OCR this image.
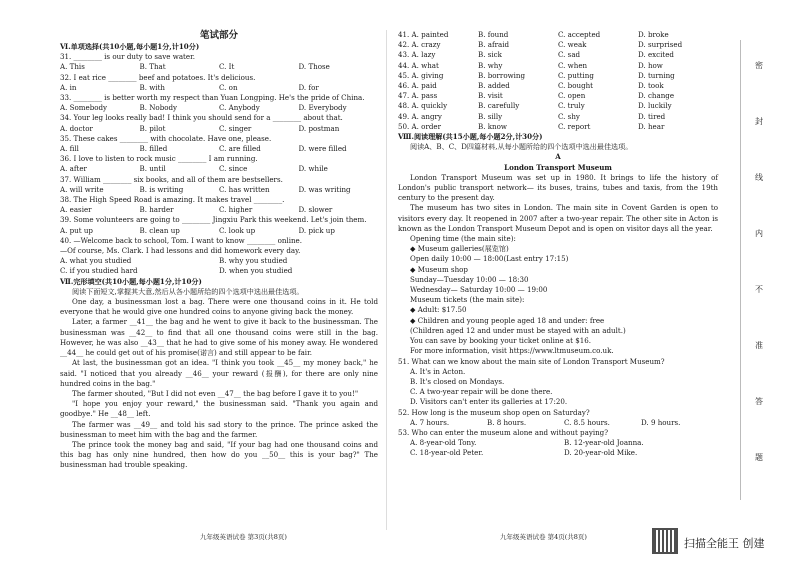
笔试部分
Ⅵ.单项选择(共10小题,每小题1分,计10分)
31. ________ is our duty to save water.
A. This	B. That	C. It	D. Those
32. I eat rice ________ beef and potatoes. It's delicious.
A. in	B. with	C. on	D. for
33. ________ is better worth my respect than Yuan Longping. He's the pride of China.
A. Somebody	B. Nobody	C. Anybody	D. Everybody
34. Your leg looks really bad! I think you should send for a ________ about that.
A. doctor	B. pilot	C. singer	D. postman
35. These cakes ________ with chocolate. Have one, please.
A. fill	B. filled	C. are filled	D. were filled
36. I love to listen to rock music ________ I am running.
A. after	B. until	C. since	D. while
37. William ________ six books, and all of them are bestsellers.
A. will write	B. is writing	C. has written	D. was writing
38. The High Speed Road is amazing. It makes travel ________.
A. easier	B. harder	C. higher	D. slower
39. Some volunteers are going to ________ Jingxiu Park this weekend. Let's join them.
A. put up	B. clean up	C. look up	D. pick up
40. —Welcome back to school, Tom. I want to know ________ online.
—Of course, Ms. Clark. I had lessons and did homework every day.
A. what you studied	B. why you studied
C. if you studied hard	D. when you studied
Ⅶ.完形填空(共10小题,每小题1分,计10分)
阅读下面短文,掌握其大意,然后从各小题所给的四个选项中选出最佳选项。
One day, a businessman lost a bag. There were one thousand coins in it. He told everyone that he would give one hundred coins to anyone giving back the money.
Later, a farmer __41__ the bag and he went to give it back to the businessman. The businessman was __42__ to find that all one thousand coins were still in the bag. However, he was also __43__ that he had to give some of his money away. He wondered __44__ he could get out of his promise(诺言) and still appear to be fair.
At last, the businessman got an idea. "I think you took __45__ my money back," he said. "I noticed that you already __46__ your reward (报酬), for there are only nine hundred coins in the bag."
The farmer shouted, "But I did not even __47__ the bag before I gave it to you!"
"I hope you enjoy your reward," the businessman said. "Thank you again and goodbye." He __48__ left.
The farmer was __49__ and told his sad story to the prince. The prince asked the businessman to meet him with the bag and the farmer.
The prince took the money bag and said, "If your bag had one thousand coins and this bag has only nine hundred, then how do you __50__ this is your bag?" The businessman had trouble speaking.
41. A. painted	B. found	C. accepted	D. broke
42. A. crazy	B. afraid	C. weak	D. surprised
43. A. lazy	B. sick	C. sad	D. excited
44. A. what	B. why	C. when	D. how
45. A. giving	B. borrowing	C. putting	D. turning
46. A. paid	B. added	C. bought	D. took
47. A. pass	B. visit	C. open	D. change
48. A. quickly	B. carefully	C. truly	D. luckily
49. A. angry	B. silly	C. shy	D. tired
50. A. order	B. know	C. report	D. hear
Ⅷ.阅读理解(共15小题,每小题2分,计30分)
阅读A、B、C、D四篇材料,从每小题所给的四个选项中选出最佳选项。
A
London Transport Museum
London Transport Museum was set up in 1980. It brings to life the history of London's public transport network— its buses, trains, tubes and taxis, from the 19th century to the present day.
The museum has two sites in London. The main site in Covent Garden is open to visitors every day. It reopened in 2007 after a two-year repair. The other site in Acton is known as the London Transport Museum Depot and is open on visitor days all the year.
Opening time (the main site):
◆ Museum galleries(展览馆)
Open daily 10:00 — 18:00(Last entry 17:15)
◆ Museum shop
Sunday—Tuesday 10:00 — 18:30
Wednesday— Saturday 10:00 — 19:00
Museum tickets (the main site):
◆ Adult: $17.50
◆ Children and young people aged 18 and under: free
(Children aged 12 and under must be stayed with an adult.)
You can save by booking your ticket online at $16.
For more information, visit https://www.ltmuseum.co.uk.
51. What can we know about the main site of London Transport Museum?
A. It's in Acton.
B. It's closed on Mondays.
C. A two-year repair will be done there.
D. Visitors can't enter its galleries at 17:20.
52. How long is the museum shop open on Saturday?
A. 7 hours.	B. 8 hours.	C. 8.5 hours.	D. 9 hours.
53. Who can enter the museum alone and without paying?
A. 8-year-old Tony.	B. 12-year-old Joanna.
C. 18-year-old Peter.	D. 20-year-old Mike.
九年级英语试卷 第3页(共8页)	九年级英语试卷 第4页(共8页)
密
封
线
内
不
准
答
题
扫描全能王 创建
